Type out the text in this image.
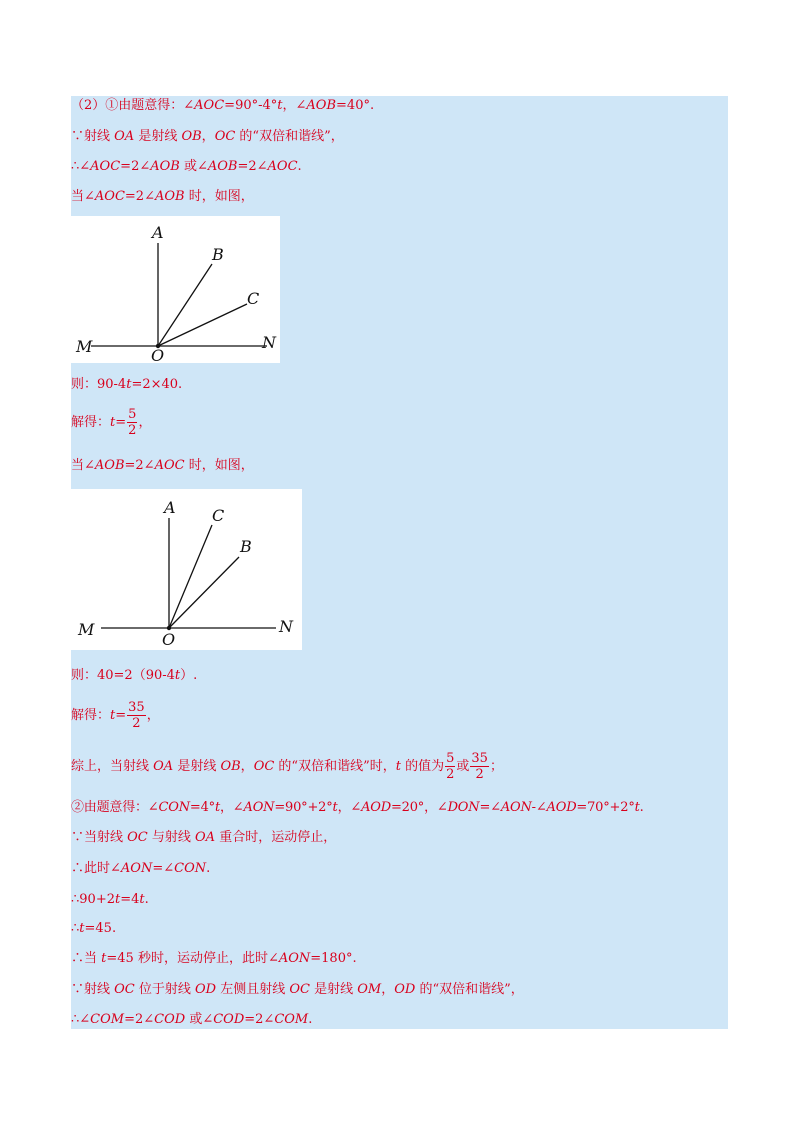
（2）①由题意得：∠AOC=90°-4°t，∠AOB=40°.
∵射线 OA 是射线 OB，OC 的“双倍和谐线”，
∴∠AOC=2∠AOB 或∠AOB=2∠AOC.
当∠AOC=2∠AOB 时，如图，
A
B
C
M	O
N
则：90-4t=2×40.
解得：$t= \frac{5}{2}$ ，
当∠AOB=2∠AOC 时，如图，
A C
B
M
O
N
则：40=2（90-4t）.
解得：$t= \frac{35}{2}$ ，
综上，当射线 OA 是射线 OB，OC 的“双倍和谐线”时，t 的值为 $\frac{5}{2}$ 或 $\frac{35}{2}$ ；
②由题意得：∠CON=4°t，∠AON=90°+2°t，∠AOD=20°，∠DON=∠AON-∠AOD=70°+2°t.
∵当射线 OC 与射线 OA 重合时，运动停止，
∴此时∠AON=∠CON.
∴90+2t=4t.
∴t=45.
∴当 t=45 秒时，运动停止，此时∠AON=180°.
∵射线 OC 位于射线 OD 左侧且射线 OC 是射线 OM，OD 的“双倍和谐线”，
∴∠COM=2∠COD 或∠COD=2∠COM.
